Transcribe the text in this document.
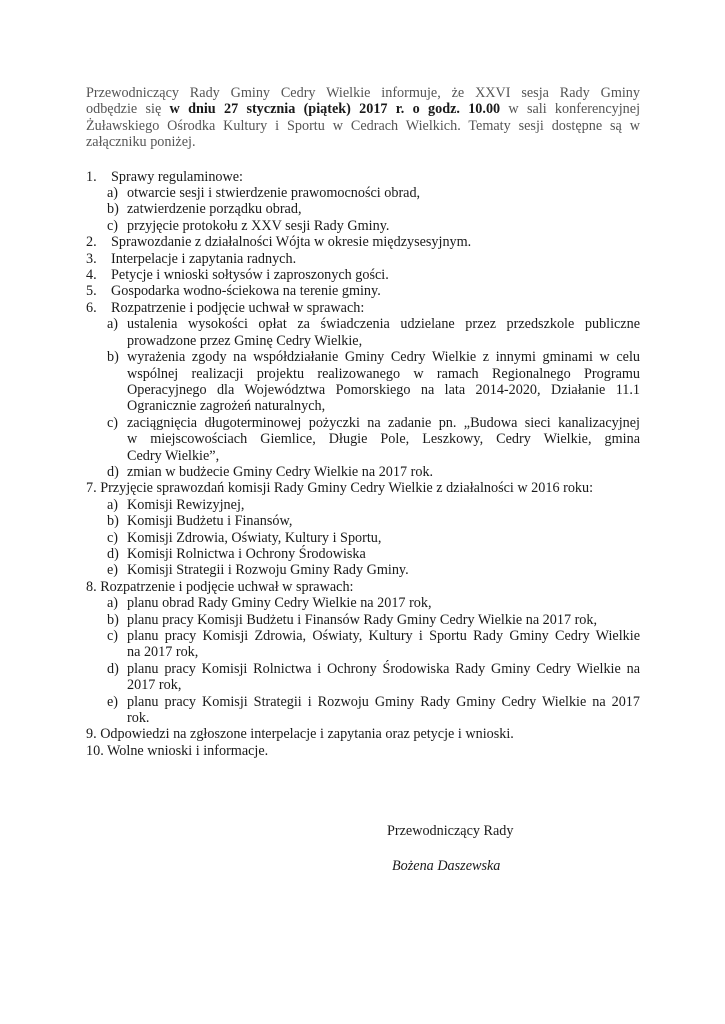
Przewodniczący Rady Gminy Cedry Wielkie informuje, że XXVI sesja Rady Gminy
odbędzie się w dniu 27 stycznia (piątek) 2017 r. o godz. 10.00 w sali konferencyjnej
Żuławskiego Ośrodka Kultury i Sportu w Cedrach Wielkich. Tematy sesji dostępne są w
załączniku poniżej.

1. Sprawy regulaminowe:
a) otwarcie sesji i stwierdzenie prawomocności obrad,
b) zatwierdzenie porządku obrad,
c) przyjęcie protokołu z XXV sesji Rady Gminy.
2. Sprawozdanie z działalności Wójta w okresie międzysesyjnym.
3. Interpelacje i zapytania radnych.
4. Petycje i wnioski sołtysów i zaproszonych gości.
5. Gospodarka wodno-ściekowa na terenie gminy.
6. Rozpatrzenie i podjęcie uchwał w sprawach:
a) ustalenia wysokości opłat za świadczenia udzielane przez przedszkole publiczne
prowadzone przez Gminę Cedry Wielkie,
b) wyrażenia zgody na współdziałanie Gminy Cedry Wielkie z innymi gminami w celu
wspólnej realizacji projektu realizowanego w ramach Regionalnego Programu
Operacyjnego dla Województwa Pomorskiego na lata 2014-2020, Działanie 11.1
Ogranicznie zagrożeń naturalnych,
c) zaciągnięcia długoterminowej pożyczki na zadanie pn. „Budowa sieci kanalizacyjnej
w miejscowościach Giemlice, Długie Pole, Leszkowy, Cedry Wielkie, gmina
Cedry Wielkie”,
d) zmian w budżecie Gminy Cedry Wielkie na 2017 rok.
7. Przyjęcie sprawozdań komisji Rady Gminy Cedry Wielkie z działalności w 2016 roku:
a) Komisji Rewizyjnej,
b) Komisji Budżetu i Finansów,
c) Komisji Zdrowia, Oświaty, Kultury i Sportu,
d) Komisji Rolnictwa i Ochrony Środowiska
e) Komisji Strategii i Rozwoju Gminy Rady Gminy.
8. Rozpatrzenie i podjęcie uchwał w sprawach:
a) planu obrad Rady Gminy Cedry Wielkie na 2017 rok,
b) planu pracy Komisji Budżetu i Finansów Rady Gminy Cedry Wielkie na 2017 rok,
c) planu pracy Komisji Zdrowia, Oświaty, Kultury i Sportu Rady Gminy Cedry Wielkie
na 2017 rok,
d) planu pracy Komisji Rolnictwa i Ochrony Środowiska Rady Gminy Cedry Wielkie na
2017 rok,
e) planu pracy Komisji Strategii i Rozwoju Gminy Rady Gminy Cedry Wielkie na 2017
rok.
9. Odpowiedzi na zgłoszone interpelacje i zapytania oraz petycje i wnioski.
10. Wolne wnioski i informacje.
Przewodniczący Rady
Bożena Daszewska
